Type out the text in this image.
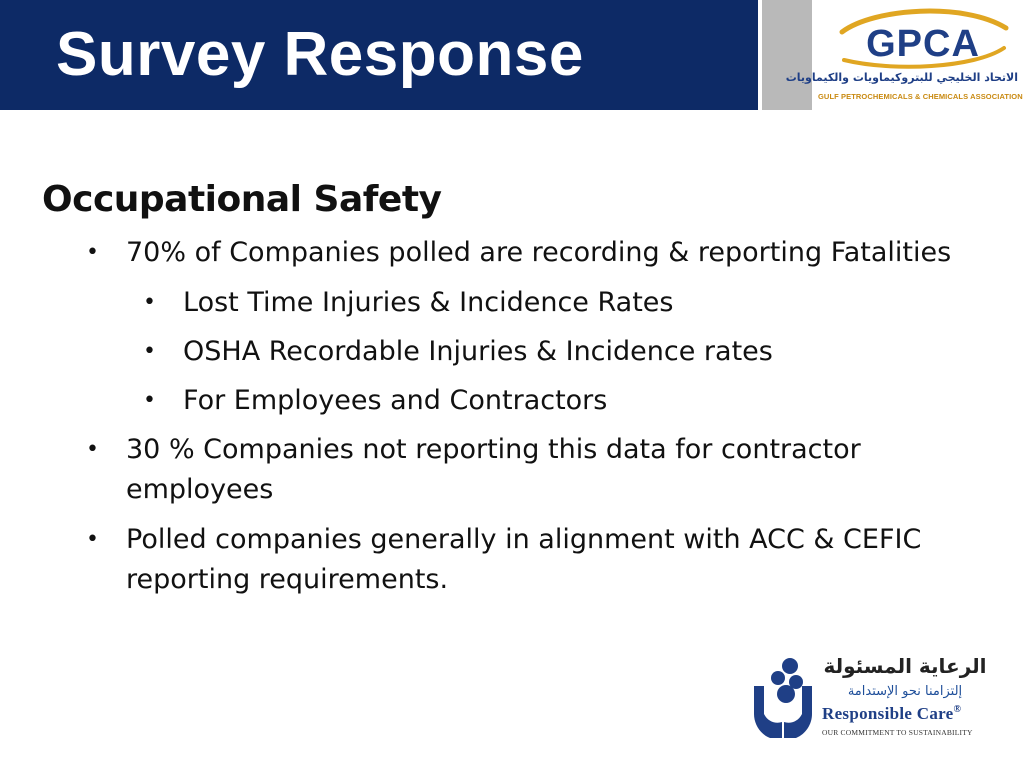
Survey Response	GPCA
الاتحاد الخليجي للبتروكيماويات والكيماويات
GULF PETROCHEMICALS & CHEMICALS ASSOCIATION
Occupational Safety
• 70% of Companies polled are recording & reporting Fatalities
• Lost Time Injuries & Incidence Rates
• OSHA Recordable Injuries & Incidence rates
• For Employees and Contractors
• 30 % Companies not reporting this data for contractor employees
• Polled companies generally in alignment with ACC & CEFIC reporting requirements.
الرعاية المسئولة
إلتزامنا نحو الإستدامة
Responsible Care®
OUR COMMITMENT TO SUSTAINABILITY
